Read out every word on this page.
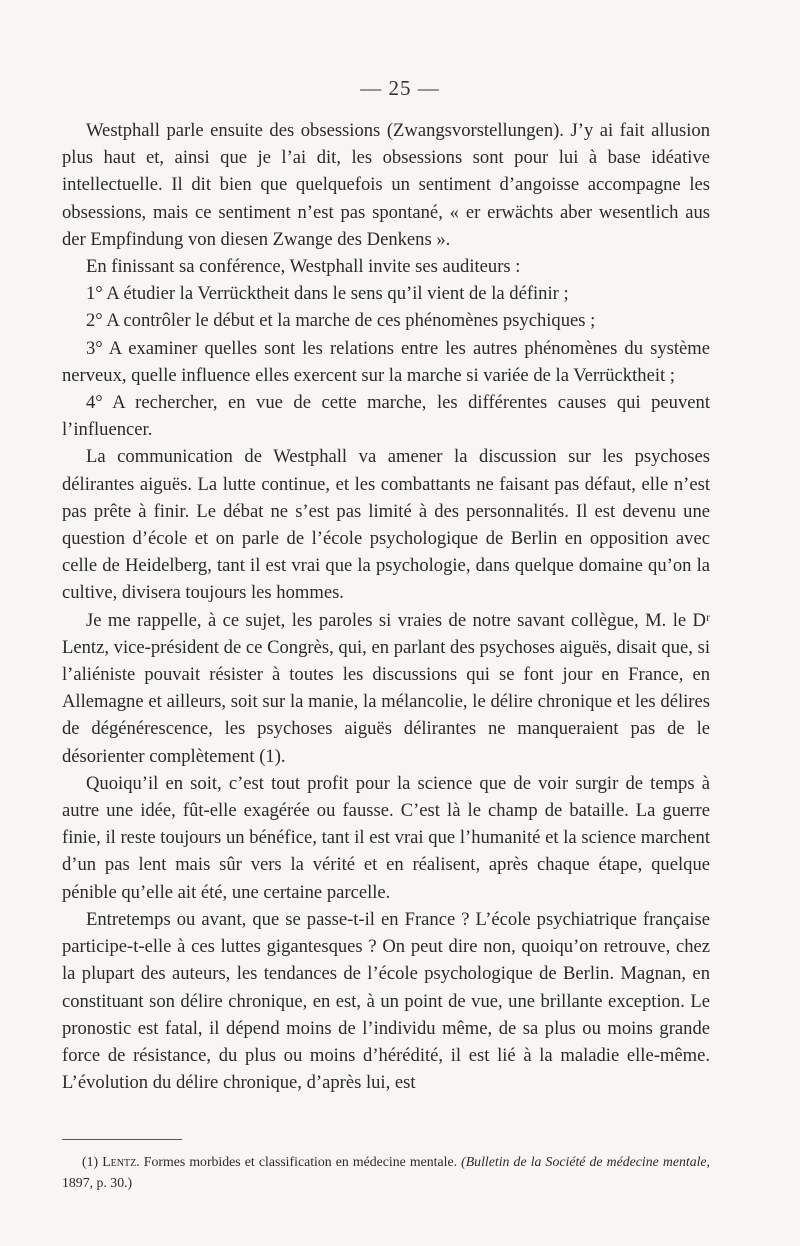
— 25 —

Westphall parle ensuite des obsessions (Zwangsvorstellungen). J’y ai fait allusion plus haut et, ainsi que je l’ai dit, les obsessions sont pour lui à base idéative intellectuelle. Il dit bien que quelquefois un sentiment d’angoisse accompagne les obsessions, mais ce sentiment n’est pas spontané, « er erwächts aber wesentlich aus der Empfindung von diesen Zwange des Denkens ».

En finissant sa conférence, Westphall invite ses auditeurs :

1° A étudier la Verrücktheit dans le sens qu’il vient de la définir ;

2° A contrôler le début et la marche de ces phénomènes psychiques ;

3° A examiner quelles sont les relations entre les autres phénomènes du système nerveux, quelle influence elles exercent sur la marche si variée de la Verrücktheit ;

4° A rechercher, en vue de cette marche, les différentes causes qui peuvent l’influencer.

La communication de Westphall va amener la discussion sur les psychoses délirantes aiguës. La lutte continue, et les combattants ne faisant pas défaut, elle n’est pas prête à finir. Le débat ne s’est pas limité à des personnalités. Il est devenu une question d’école et on parle de l’école psychologique de Berlin en opposition avec celle de Heidelberg, tant il est vrai que la psychologie, dans quelque domaine qu’on la cultive, divisera toujours les hommes.

Je me rappelle, à ce sujet, les paroles si vraies de notre savant collègue, M. le Dʳ Lentz, vice-président de ce Congrès, qui, en parlant des psychoses aiguës, disait que, si l’aliéniste pouvait résister à toutes les discussions qui se font jour en France, en Allemagne et ailleurs, soit sur la manie, la mélancolie, le délire chronique et les délires de dégénérescence, les psychoses aiguës délirantes ne manqueraient pas de le désorienter complètement (1).

Quoiqu’il en soit, c’est tout profit pour la science que de voir surgir de temps à autre une idée, fût-elle exagérée ou fausse. C’est là le champ de bataille. La guerre finie, il reste toujours un bénéfice, tant il est vrai que l’humanité et la science marchent d’un pas lent mais sûr vers la vérité et en réalisent, après chaque étape, quelque pénible qu’elle ait été, une certaine parcelle.

Entretemps ou avant, que se passe-t-il en France ? L’école psychiatrique française participe-t-elle à ces luttes gigantesques ? On peut dire non, quoiqu’on retrouve, chez la plupart des auteurs, les tendances de l’école psychologique de Berlin. Magnan, en constituant son délire chronique, en est, à un point de vue, une brillante exception. Le pronostic est fatal, il dépend moins de l’individu même, de sa plus ou moins grande force de résistance, du plus ou moins d’hérédité, il est lié à la maladie elle-même. L’évolution du délire chronique, d’après lui, est

(1) Lentz. Formes morbides et classification en médecine mentale. (Bulletin de la Société de médecine mentale, 1897, p. 30.)
